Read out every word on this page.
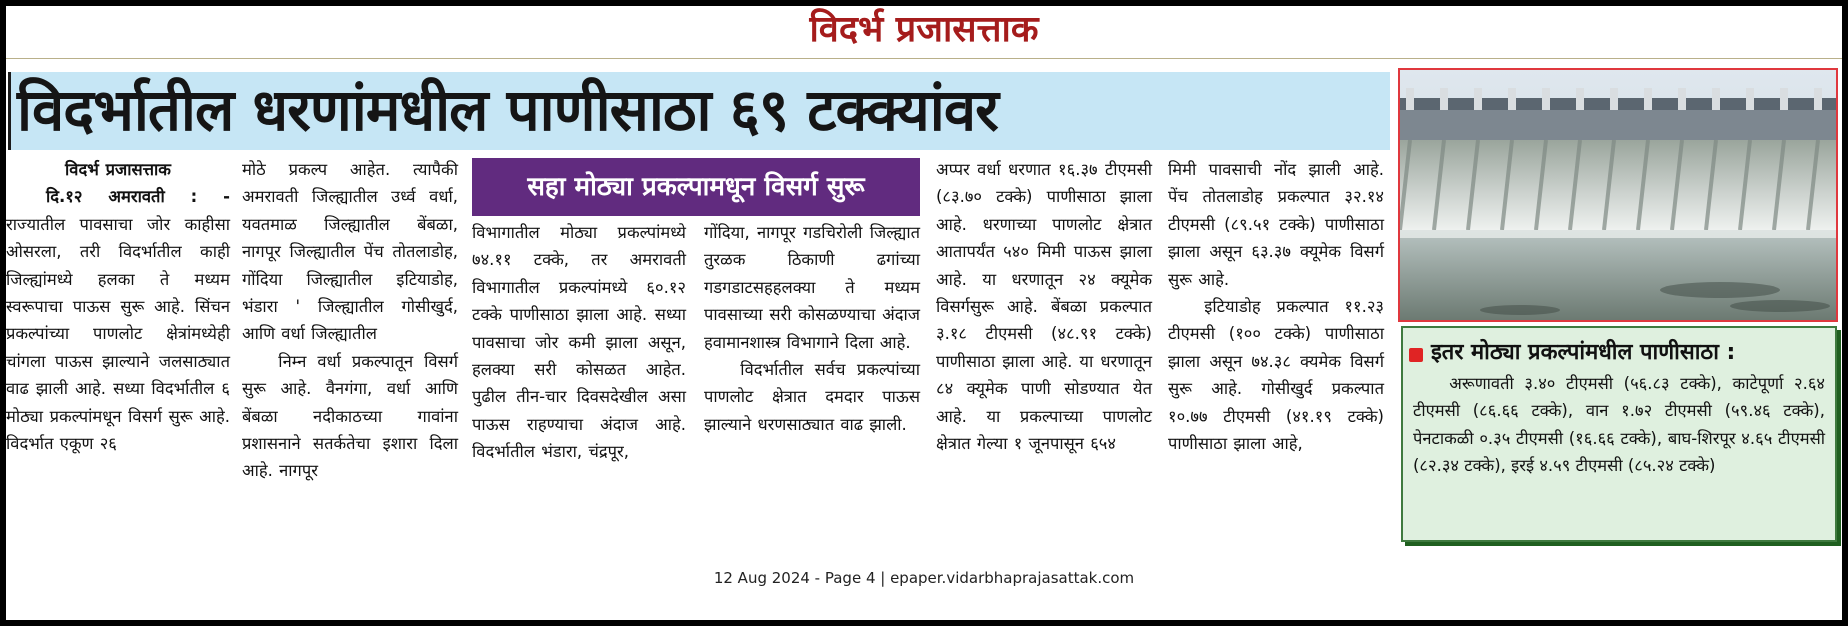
विदर्भ प्रजासत्ताक
विदर्भातील धरणांमधील पाणीसाठा ६९ टक्क्यांवर
विदर्भ प्रजासत्ताक
दि.१२ अमरावती : -

राज्यातील पावसाचा जोर काहीसा ओसरला, तरी विदर्भातील काही जिल्ह्यांमध्ये हलका ते मध्यम स्वरूपाचा पाऊस सुरू आहे. सिंचन प्रकल्पांच्या पाणलोट क्षेत्रांमध्येही चांगला पाऊस झाल्याने जलसाठ्यात वाढ झाली आहे. सध्या विदर्भातील ६ मोठ्या प्रकल्पांमधून विसर्ग सुरू आहे. विदर्भात एकूण २६

मोठे प्रकल्प आहेत. त्यापैकी अमरावती जिल्ह्यातील उर्ध्व वर्धा, यवतमाळ जिल्ह्यातील बेंबळा, नागपूर जिल्ह्यातील पेंच तोतलाडोह, गोंदिया जिल्ह्यातील इटियाडोह, भंडारा ' जिल्ह्यातील गोसीखुर्द, आणि वर्धा जिल्ह्यातील

निम्न वर्धा प्रकल्पातून विसर्ग सुरू आहे. वैनगंगा, वर्धा आणि बेंबळा नदीकाठच्या गावांना प्रशासनाने सतर्कतेचा इशारा दिला आहे. नागपूर

सहा मोठ्या प्रकल्पामधून विसर्ग सुरू

विभागातील मोठ्या प्रकल्पांमध्ये ७४.११ टक्के, तर अमरावती विभागातील प्रकल्पांमध्ये ६०.१२ टक्के पाणीसाठा झाला आहे. सध्या पावसाचा जोर कमी झाला असून, हलक्या सरी कोसळत आहेत. पुढील तीन-चार दिवसदेखील असा पाऊस राहण्याचा अंदाज आहे. विदर्भातील भंडारा, चंद्रपूर,

गोंदिया, नागपूर गडचिरोली जिल्ह्यात तुरळक ठिकाणी ढगांच्या गडगडाटसहहलक्या ते मध्यम पावसाच्या सरी कोसळण्याचा अंदाज हवामानशास्त्र विभागाने दिला आहे.

विदर्भातील सर्वच प्रकल्पांच्या पाणलोट क्षेत्रात दमदार पाऊस झाल्याने धरणसाठ्यात वाढ झाली.

अप्पर वर्धा धरणात १६.३७ टीएमसी (८३.७० टक्के) पाणीसाठा झाला आहे. धरणाच्या पाणलोट क्षेत्रात आतापर्यंत ५४० मिमी पाऊस झाला आहे. या धरणातून २४ क्यूमेक विसर्गसुरू आहे. बेंबळा प्रकल्पात ३.१८ टीएमसी (४८.९१ टक्के) पाणीसाठा झाला आहे. या धरणातून ८४ क्यूमेक पाणी सोडण्यात येत आहे. या प्रकल्पाच्या पाणलोट क्षेत्रात गेल्या १ जूनपासून ६५४

मिमी पावसाची नोंद झाली आहे. पेंच तोतलाडोह प्रकल्पात ३२.१४ टीएमसी (८९.५१ टक्के) पाणीसाठा झाला असून ६३.३७ क्यूमेक विसर्ग सुरू आहे.

इटियाडोह प्रकल्पात ११.२३ टीएमसी (१०० टक्के) पाणीसाठा झाला असून ७४.३८ क्यमेक विसर्ग सुरू आहे. गोसीखुर्द प्रकल्पात १०.७७ टीएमसी (४१.१९ टक्के) पाणीसाठा झाला आहे,

इतर मोठ्या प्रकल्पांमधील पाणीसाठा :

अरूणावती ३.४० टीएमसी (५६.८३ टक्के), काटेपूर्णा २.६४ टीएमसी (८६.६६ टक्के), वान १.७२ टीएमसी (५९.४६ टक्के), पेनटाकळी ०.३५ टीएमसी (१६.६६ टक्के), बाघ-शिरपूर ४.६५ टीएमसी (८२.३४ टक्के), इरई ४.५९ टीएमसी (८५.२४ टक्के)

12 Aug 2024 - Page 4 | epaper.vidarbhaprajasattak.com
